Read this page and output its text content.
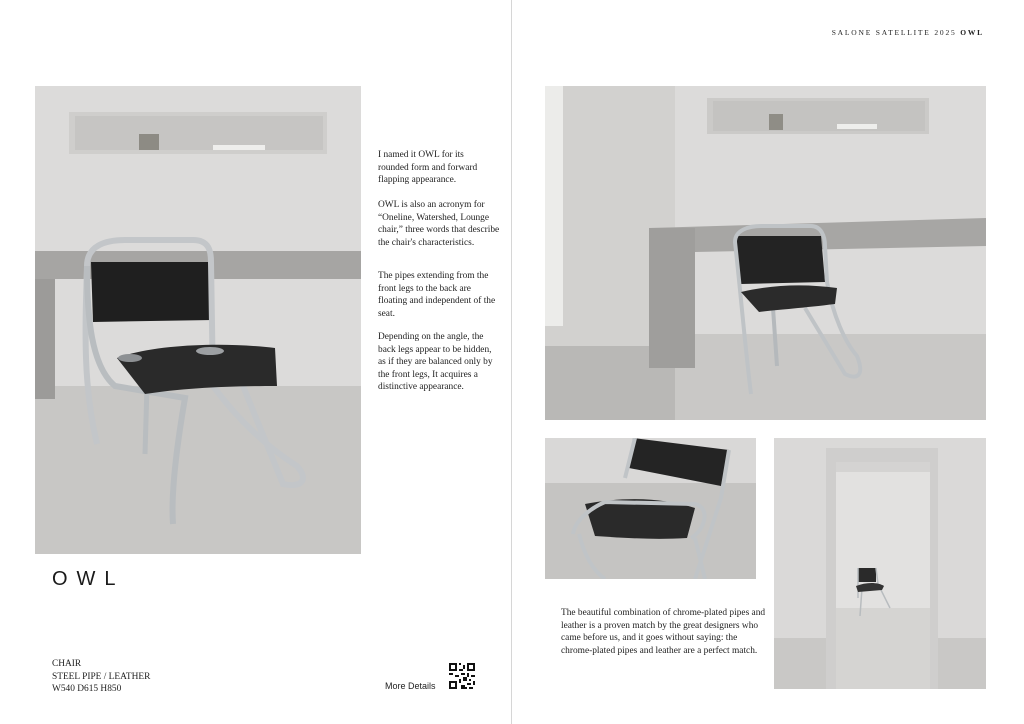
I named it OWL for its rounded form and forward flapping appearance.

OWL is also an acronym for “Oneline, Watershed, Lounge chair,” three words that describe the chair's characteristics.

The pipes extending from the front legs to the back are floating and independent of the seat.

Depending on the angle, the back legs appear to be hidden, as if they are balanced only by the front legs, It acquires a distinctive appearance.

OWL
CHAIR
STEEL PIPE / LEATHER
W540 D615 H850	More Details
SALONE SATELLITE 2025 OWL

The beautiful combination of chrome-plated pipes and leather is a proven match by the great designers who came before us, and it goes without saying: the chrome-plated pipes and leather are a perfect match.
